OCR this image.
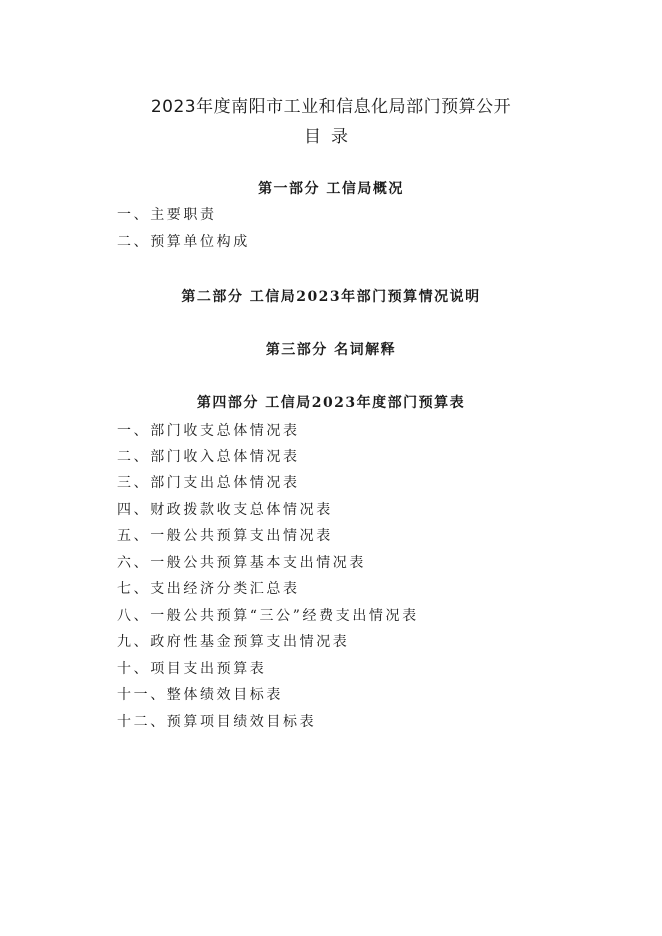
2023年度南阳市工业和信息化局部门预算公开
目录
第一部分 工信局概况
一、主要职责
二、预算单位构成
第二部分 工信局2023年部门预算情况说明
第三部分 名词解释
第四部分 工信局2023年度部门预算表
一、部门收支总体情况表
二、部门收入总体情况表
三、部门支出总体情况表
四、财政拨款收支总体情况表
五、一般公共预算支出情况表
六、一般公共预算基本支出情况表
七、支出经济分类汇总表
八、一般公共预算“三公”经费支出情况表
九、政府性基金预算支出情况表
十、项目支出预算表
十一、整体绩效目标表
十二、预算项目绩效目标表
